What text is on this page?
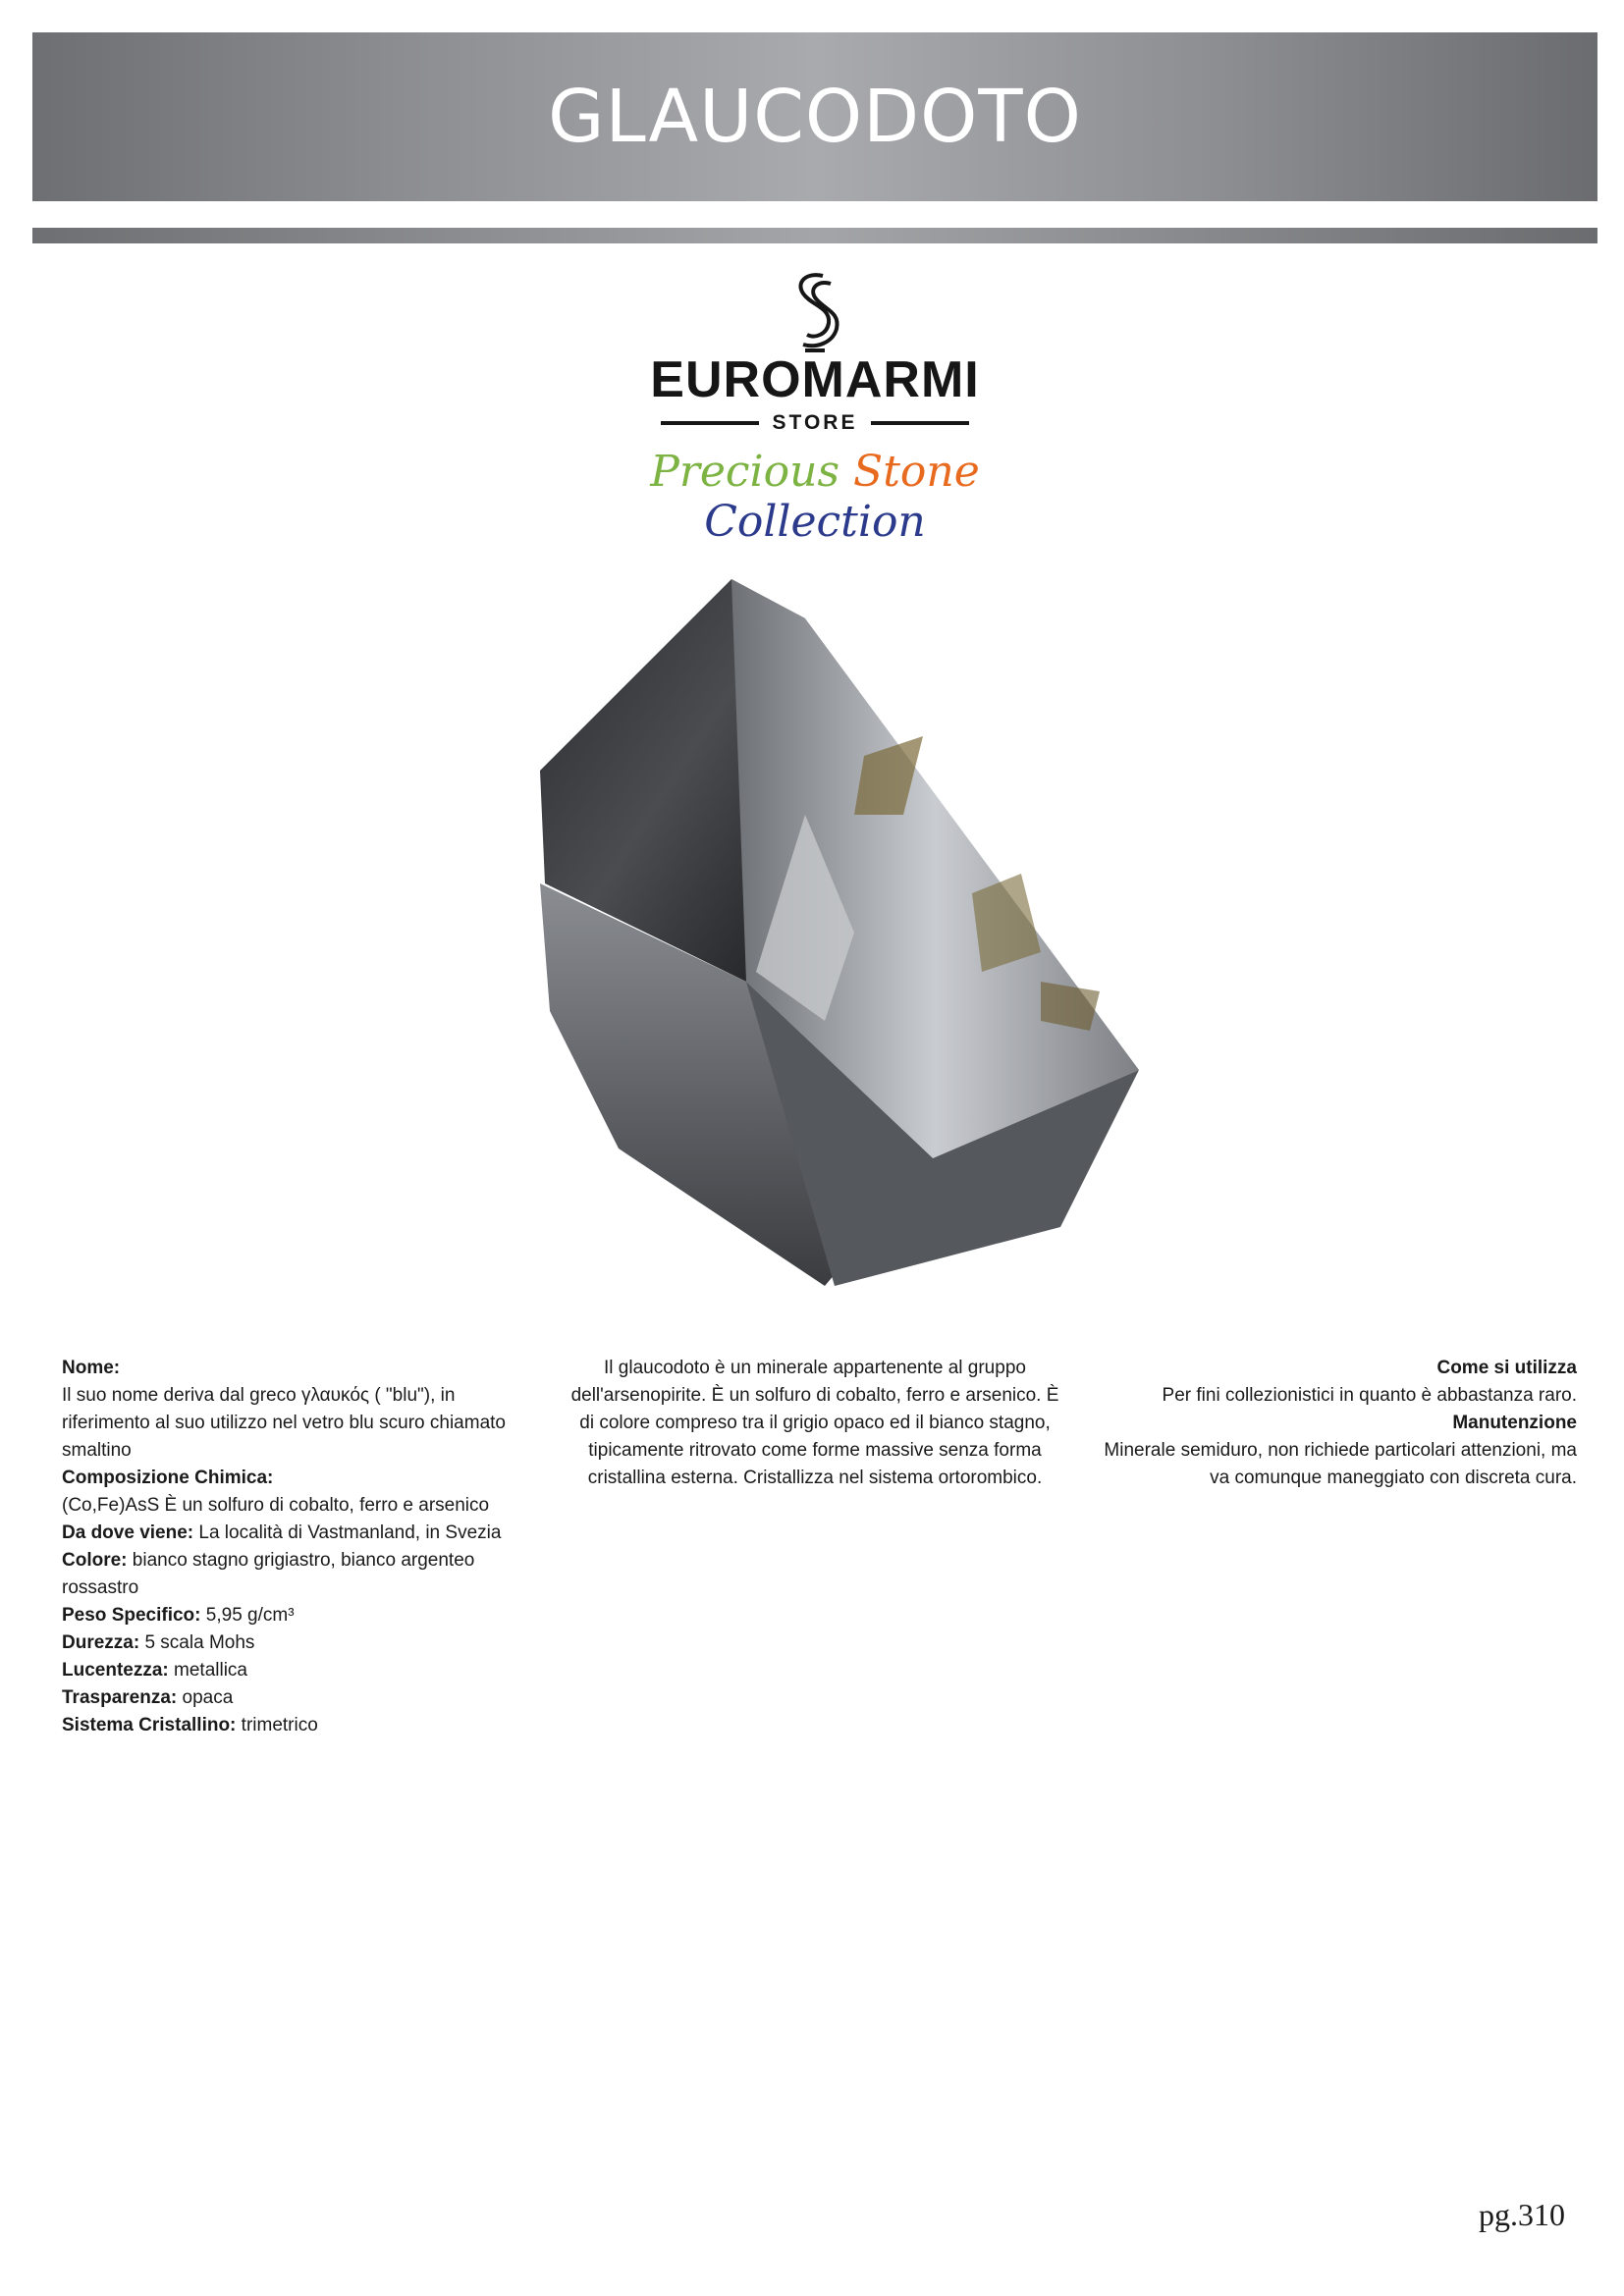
GLAUCODOTO
EUROMARMI
STORE
Precious Stone Collection

Nome:

Il suo nome deriva dal greco γλαυκός ( "blu"), in riferimento al suo utilizzo nel vetro blu scuro chiamato smaltino

Composizione Chimica:

(Co,Fe)AsS È un solfuro di cobalto, ferro e arsenico

Da dove viene: La località di Vastmanland, in Svezia

Colore: bianco stagno grigiastro, bianco argenteo rossastro

Peso Specifico: 5,95 g/cm³

Durezza: 5 scala Mohs

Lucentezza: metallica

Trasparenza: opaca

Sistema Cristallino: trimetrico

Il glaucodoto è un minerale appartenente al gruppo dell'arsenopirite. È un solfuro di cobalto, ferro e arsenico. È di colore compreso tra il grigio opaco ed il bianco stagno, tipicamente ritrovato come forme massive senza forma cristallina esterna. Cristallizza nel sistema ortorombico.

Come si utilizza

Per fini collezionistici in quanto è abbastanza raro.

Manutenzione

Minerale semiduro, non richiede particolari attenzioni, ma va comunque maneggiato con discreta cura.

pg.310
